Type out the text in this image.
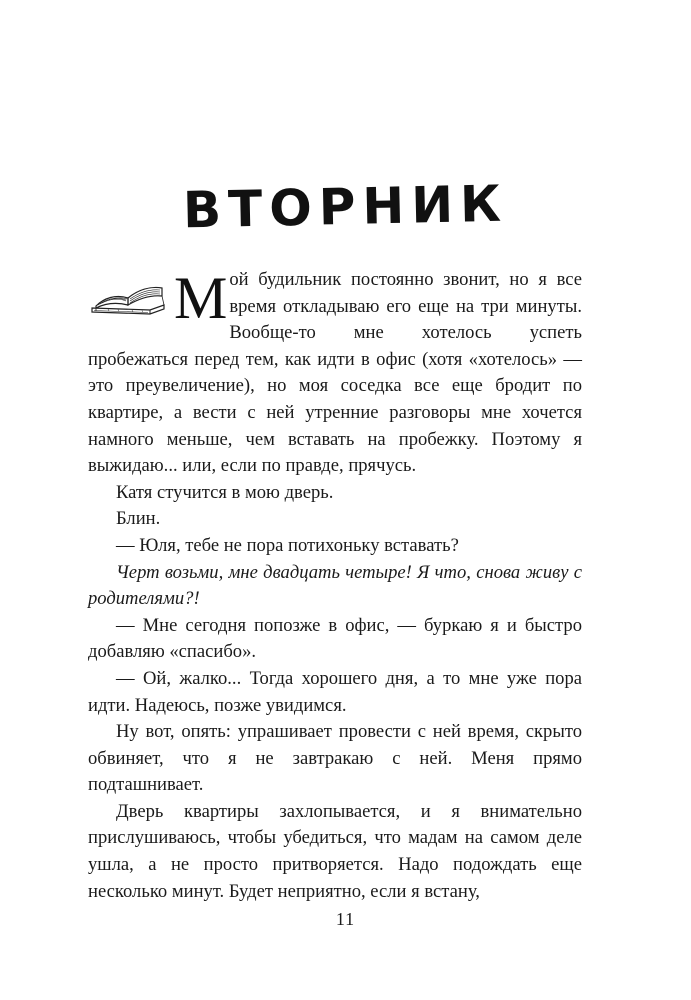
ВТОРНИК

М ой будильник постоянно звонит, но я все время откладываю его еще на три минуты. Вообще-то мне хотелось успеть пробежаться перед тем, как идти в офис (хотя «хотелось» — это преувеличение), но моя соседка все еще бродит по квартире, а вести с ней утренние разговоры мне хочется намного меньше, чем вставать на пробежку. Поэтому я выжидаю... или, если по правде, прячусь.

Катя стучится в мою дверь.

Блин.

— Юля, тебе не пора потихоньку вставать?

Черт возьми, мне двадцать четыре! Я что, снова живу с родителями?!

— Мне сегодня попозже в офис, — буркаю я и быстро добавляю «спасибо».

— Ой, жалко... Тогда хорошего дня, а то мне уже пора идти. Надеюсь, позже увидимся.

Ну вот, опять: упрашивает провести с ней время, скрыто обвиняет, что я не завтракаю с ней. Меня прямо подташнивает.

Дверь квартиры захлопывается, и я внимательно прислушиваюсь, чтобы убедиться, что мадам на самом деле ушла, а не просто притворяется. Надо подождать еще несколько минут. Будет неприятно, если я встану,

11
